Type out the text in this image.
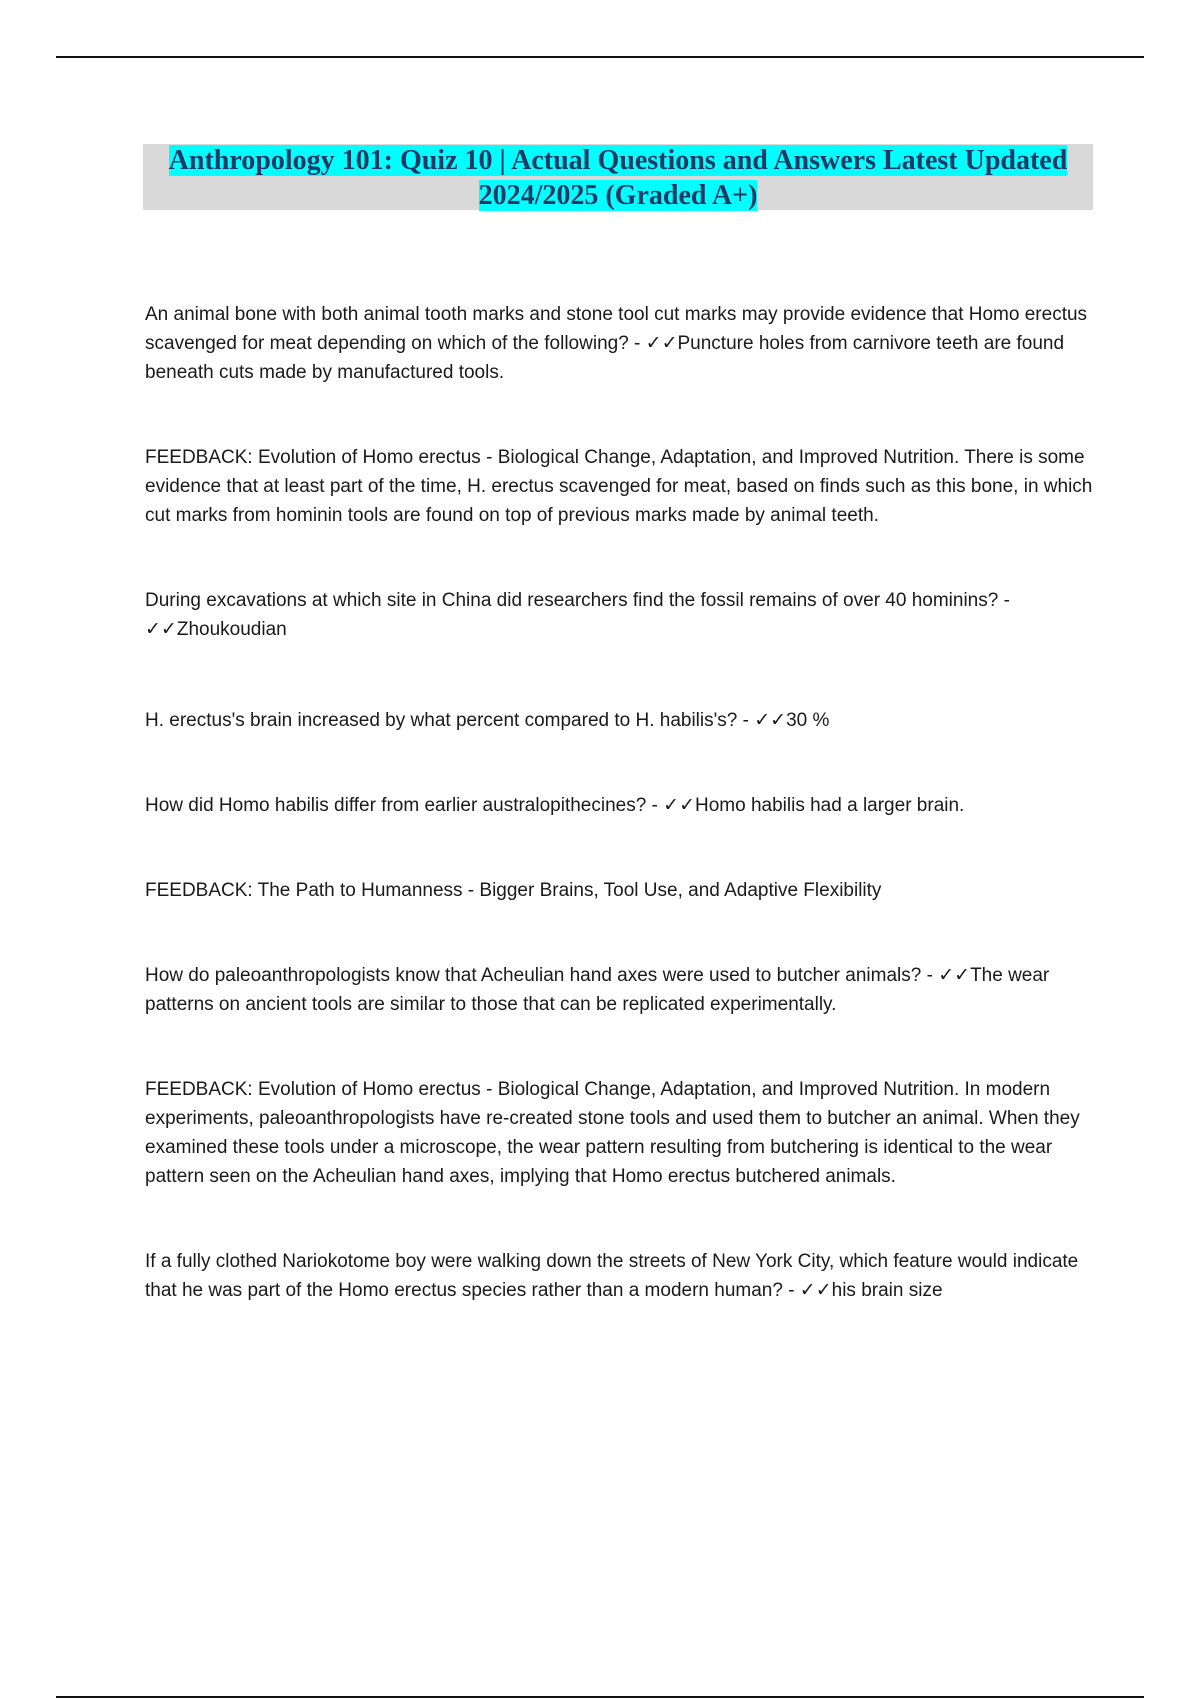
Anthropology 101: Quiz 10 | Actual Questions and Answers Latest Updated 2024/2025 (Graded A+)

An animal bone with both animal tooth marks and stone tool cut marks may provide evidence that Homo erectus scavenged for meat depending on which of the following? - ✓✓Puncture holes from carnivore teeth are found beneath cuts made by manufactured tools.

FEEDBACK: Evolution of Homo erectus - Biological Change, Adaptation, and Improved Nutrition. There is some evidence that at least part of the time, H. erectus scavenged for meat, based on finds such as this bone, in which cut marks from hominin tools are found on top of previous marks made by animal teeth.

During excavations at which site in China did researchers find the fossil remains of over 40 hominins? - ✓✓Zhoukoudian

H. erectus's brain increased by what percent compared to H. habilis's? - ✓✓30 %

How did Homo habilis differ from earlier australopithecines? - ✓✓Homo habilis had a larger brain.

FEEDBACK: The Path to Humanness - Bigger Brains, Tool Use, and Adaptive Flexibility

How do paleoanthropologists know that Acheulian hand axes were used to butcher animals? - ✓✓The wear patterns on ancient tools are similar to those that can be replicated experimentally.

FEEDBACK: Evolution of Homo erectus - Biological Change, Adaptation, and Improved Nutrition. In modern experiments, paleoanthropologists have re-created stone tools and used them to butcher an animal. When they examined these tools under a microscope, the wear pattern resulting from butchering is identical to the wear pattern seen on the Acheulian hand axes, implying that Homo erectus butchered animals.

If a fully clothed Nariokotome boy were walking down the streets of New York City, which feature would indicate that he was part of the Homo erectus species rather than a modern human? - ✓✓his brain size
